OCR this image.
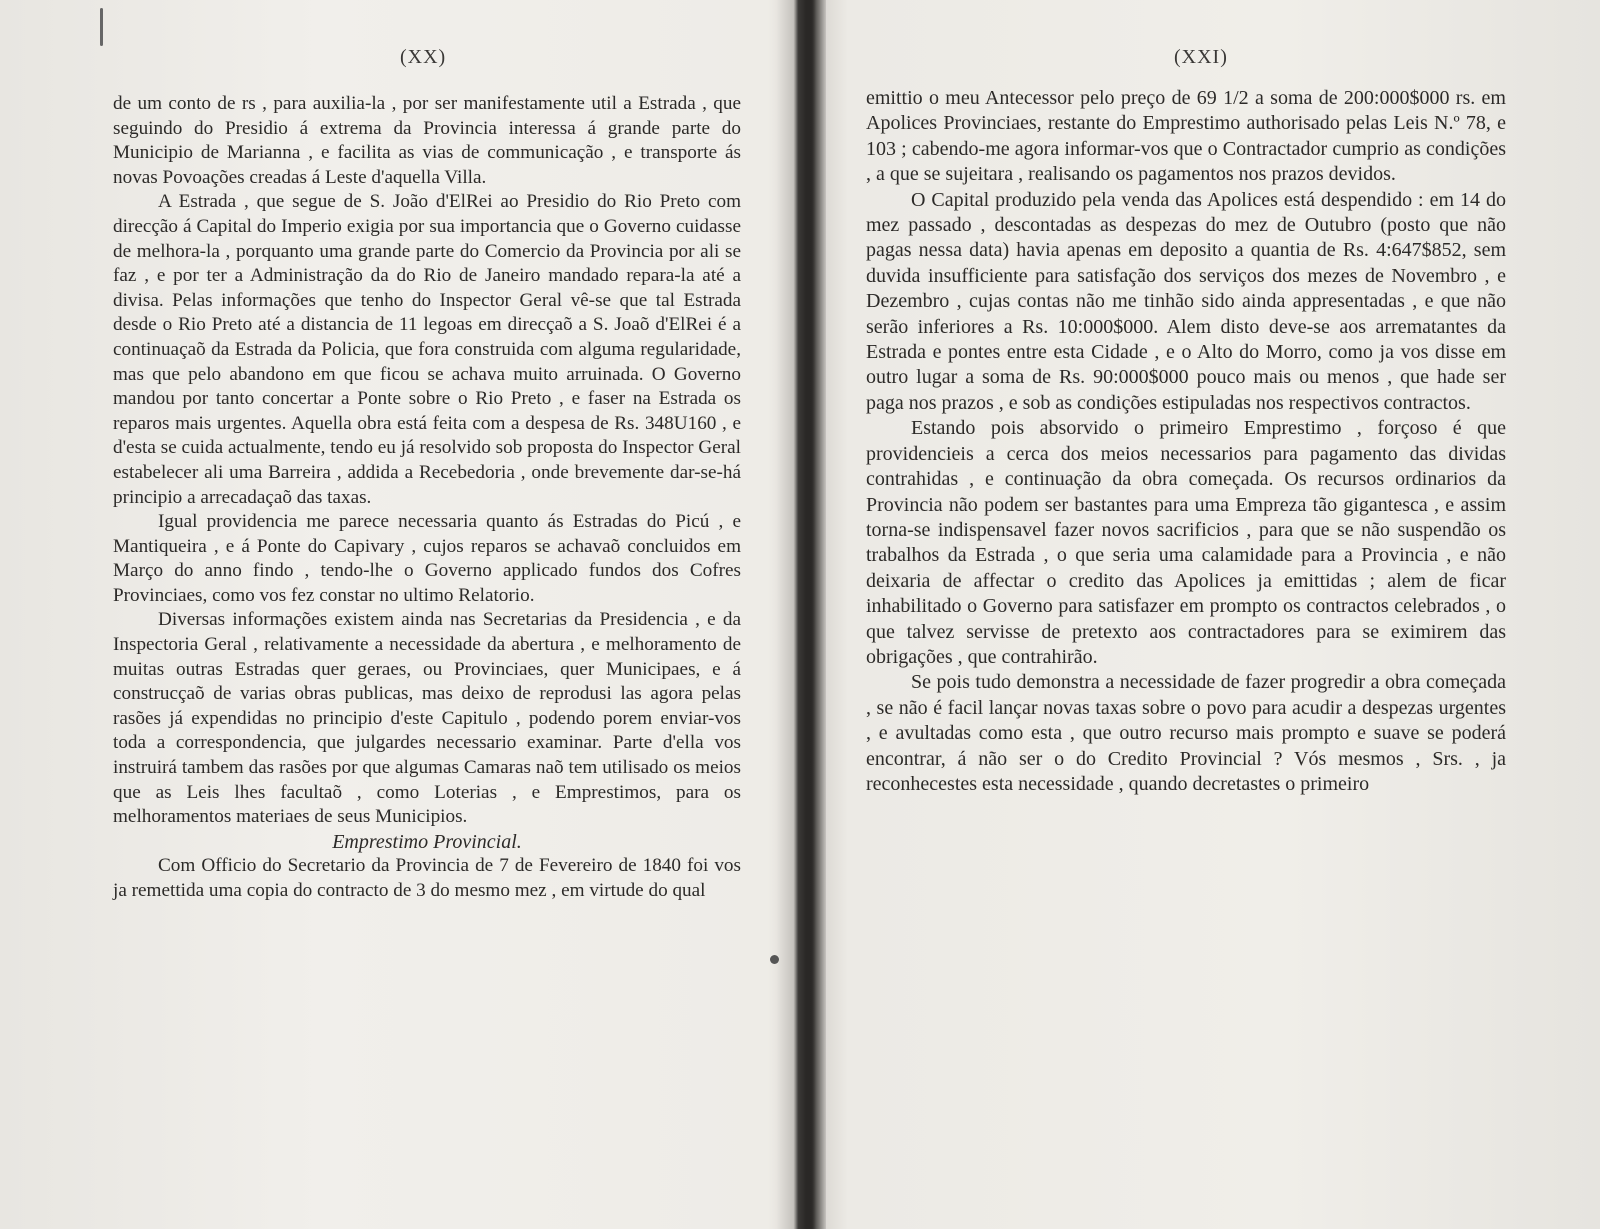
(XX)

de um conto de rs , para auxilia-la , por ser manifestamente util a Estrada , que seguindo do Presidio á extrema da Provincia interessa á grande parte do Municipio de Marianna , e facilita as vias de communicação , e transporte ás novas Povoações creadas á Leste d'aquella Villa.

A Estrada , que segue de S. João d'ElRei ao Presidio do Rio Preto com direcção á Capital do Imperio exigia por sua importancia que o Governo cuidasse de melhora-la , porquanto uma grande parte do Comercio da Provincia por ali se faz , e por ter a Administração da do Rio de Janeiro mandado repara-la até a divisa. Pelas informações que tenho do Inspector Geral vê-se que tal Estrada desde o Rio Preto até a distancia de 11 legoas em direcçaõ a S. Joaõ d'ElRei é a continuaçaõ da Estrada da Policia, que fora construida com alguma regularidade, mas que pelo abandono em que ficou se achava muito arruinada. O Governo mandou por tanto concertar a Ponte sobre o Rio Preto , e faser na Estrada os reparos mais urgentes. Aquella obra está feita com a despesa de Rs. 348U160 , e d'esta se cuida actualmente, tendo eu já resolvido sob proposta do Inspector Geral estabelecer ali uma Barreira , addida a Recebedoria , onde brevemente dar-se-há principio a arrecadaçaõ das taxas.

Igual providencia me parece necessaria quanto ás Estradas do Picú , e Mantiqueira , e á Ponte do Capivary , cujos reparos se achavaõ concluidos em Março do anno findo , tendo-lhe o Governo applicado fundos dos Cofres Provinciaes, como vos fez constar no ultimo Relatorio.

Diversas informações existem ainda nas Secretarias da Presidencia , e da Inspectoria Geral , relativamente a necessidade da abertura , e melhoramento de muitas outras Estradas quer geraes, ou Provinciaes, quer Municipaes, e á construcçaõ de varias obras publicas, mas deixo de reprodusi las agora pelas rasões já expendidas no principio d'este Capitulo , podendo porem enviar-vos toda a correspondencia, que julgardes necessario examinar. Parte d'ella vos instruirá tambem das rasões por que algumas Camaras naõ tem utilisado os meios que as Leis lhes facultaõ , como Loterias , e Emprestimos, para os melhoramentos materiaes de seus Municipios.

Emprestimo Provincial.

Com Officio do Secretario da Provincia de 7 de Fevereiro de 1840 foi vos ja remettida uma copia do contracto de 3 do mesmo mez , em virtude do qual

(XXI)

emittio o meu Antecessor pelo preço de 69 1/2 a soma de 200:000$000 rs. em Apolices Provinciaes, restante do Emprestimo authorisado pelas Leis N.º 78, e 103 ; cabendo-me agora informar-vos que o Contractador cumprio as condições , a que se sujeitara , realisando os pagamentos nos prazos devidos.

O Capital produzido pela venda das Apolices está despendido : em 14 do mez passado , descontadas as despezas do mez de Outubro (posto que não pagas nessa data) havia apenas em deposito a quantia de Rs. 4:647$852, sem duvida insufficiente para satisfação dos serviços dos mezes de Novembro , e Dezembro , cujas contas não me tinhão sido ainda appresentadas , e que não serão inferiores a Rs. 10:000$000. Alem disto deve-se aos arrematantes da Estrada e pontes entre esta Cidade , e o Alto do Morro, como ja vos disse em outro lugar a soma de Rs. 90:000$000 pouco mais ou menos , que hade ser paga nos prazos , e sob as condições estipuladas nos respectivos contractos.

Estando pois absorvido o primeiro Emprestimo , forçoso é que providencieis a cerca dos meios necessarios para pagamento das dividas contrahidas , e continuação da obra começada. Os recursos ordinarios da Provincia não podem ser bastantes para uma Empreza tão gigantesca , e assim torna-se indispensavel fazer novos sacrificios , para que se não suspendão os trabalhos da Estrada , o que seria uma calamidade para a Provincia , e não deixaria de affectar o credito das Apolices ja emittidas ; alem de ficar inhabilitado o Governo para satisfazer em prompto os contractos celebrados , o que talvez servisse de pretexto aos contractadores para se eximirem das obrigações , que contrahirão.

Se pois tudo demonstra a necessidade de fazer progredir a obra começada , se não é facil lançar novas taxas sobre o povo para acudir a despezas urgentes , e avultadas como esta , que outro recurso mais prompto e suave se poderá encontrar, á não ser o do Credito Provincial ? Vós mesmos , Srs. , ja reconhecestes esta necessidade , quando decretastes o primeiro
